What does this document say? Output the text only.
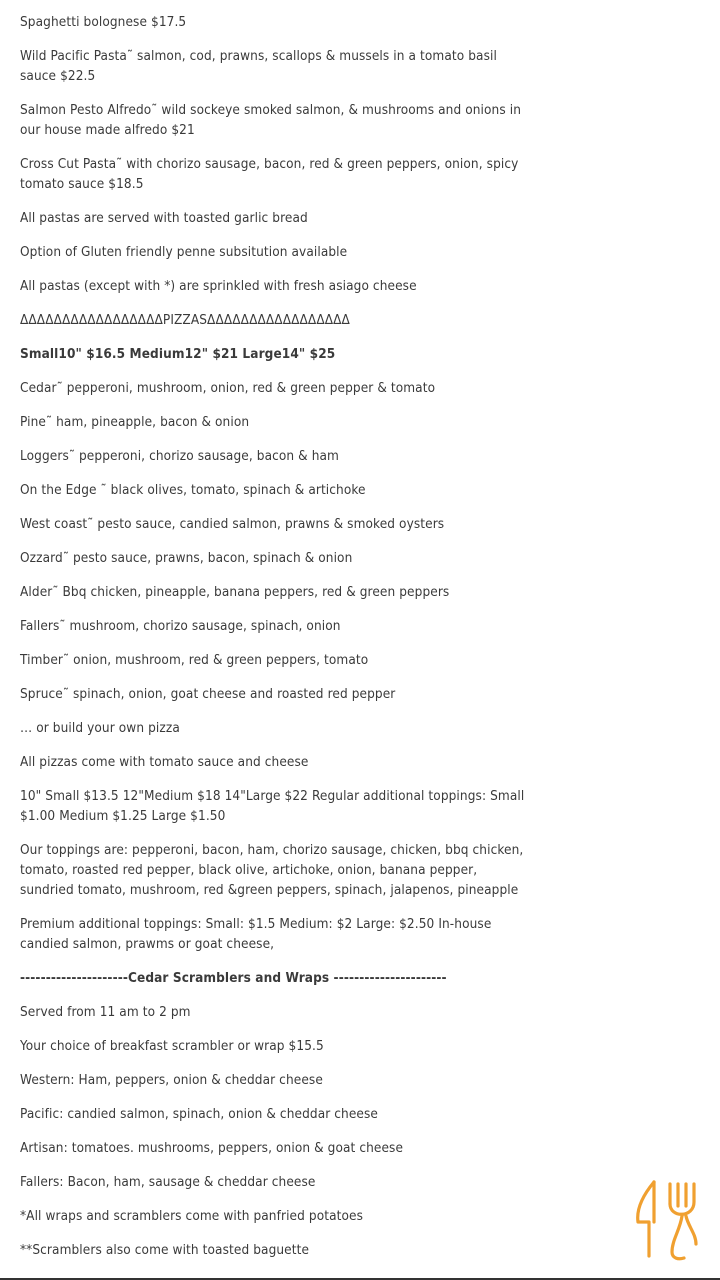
Spaghetti bolognese $17.5
Wild Pacific Pasta˜ salmon, cod, prawns, scallops & mussels in a tomato basil sauce $22.5
Salmon Pesto Alfredo˜ wild sockeye smoked salmon, & mushrooms and onions in our house made alfredo $21
Cross Cut Pasta˜ with chorizo sausage, bacon, red & green peppers, onion, spicy tomato sauce $18.5
All pastas are served with toasted garlic bread
Option of Gluten friendly penne subsitution available
All pastas (except with *) are sprinkled with fresh asiago cheese
ΔΔΔΔΔΔΔΔΔΔΔΔΔΔΔΔΔPIZZASΔΔΔΔΔΔΔΔΔΔΔΔΔΔΔΔΔ
Small10" $16.5 Medium12" $21 Large14" $25
Cedar˜ pepperoni, mushroom, onion, red & green pepper & tomato
Pine˜ ham, pineapple, bacon & onion
Loggers˜ pepperoni, chorizo sausage, bacon & ham
On the Edge ˜ black olives, tomato, spinach & artichoke
West coast˜ pesto sauce, candied salmon, prawns & smoked oysters
Ozzard˜ pesto sauce, prawns, bacon, spinach & onion
Alder˜ Bbq chicken, pineapple, banana peppers, red & green peppers
Fallers˜ mushroom, chorizo sausage, spinach, onion
Timber˜ onion, mushroom, red & green peppers, tomato
Spruce˜ spinach, onion, goat cheese and roasted red pepper
… or build your own pizza
All pizzas come with tomato sauce and cheese
10" Small $13.5 12"Medium $18 14"Large $22 Regular additional toppings: Small $1.00 Medium $1.25 Large $1.50
Our toppings are: pepperoni, bacon, ham, chorizo sausage, chicken, bbq chicken, tomato, roasted red pepper, black olive, artichoke, onion, banana pepper, sundried tomato, mushroom, red &green peppers, spinach, jalapenos, pineapple
Premium additional toppings: Small: $1.5 Medium: $2 Large: $2.50 In-house candied salmon, prawms or goat cheese,
---------------------Cedar Scramblers and Wraps ----------------------
Served from 11 am to 2 pm
Your choice of breakfast scrambler or wrap $15.5
Western: Ham, peppers, onion & cheddar cheese
Pacific: candied salmon, spinach, onion & cheddar cheese
Artisan: tomatoes. mushrooms, peppers, onion & goat cheese
Fallers: Bacon, ham, sausage & cheddar cheese
*All wraps and scramblers come with panfried potatoes
**Scramblers also come with toasted baguette
